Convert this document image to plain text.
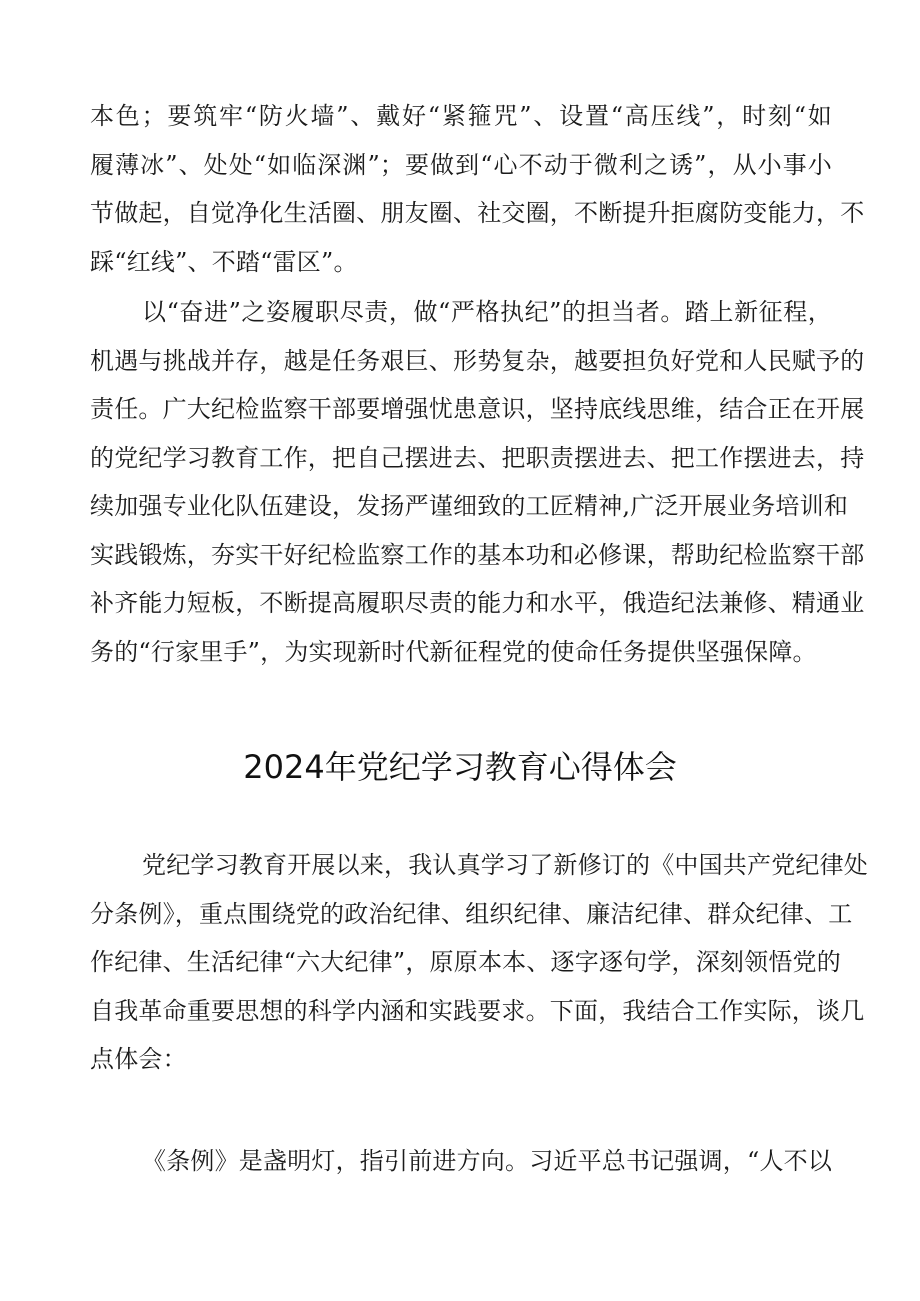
本色；要筑牢“防火墙”、戴好“紧箍咒”、设置“高压线”，时刻“如
履薄冰”、处处“如临深渊”；要做到“心不动于微利之诱”，从小事小
节做起，自觉净化生活圈、朋友圈、社交圈，不断提升拒腐防变能力，不
踩“红线”、不踏“雷区”。
以“奋进”之姿履职尽责，做“严格执纪”的担当者。踏上新征程，
机遇与挑战并存，越是任务艰巨、形势复杂，越要担负好党和人民赋予的
责任。广大纪检监察干部要增强忧患意识，坚持底线思维，结合正在开展
的党纪学习教育工作，把自己摆进去、把职责摆进去、把工作摆进去，持
续加强专业化队伍建设，发扬严谨细致的工匠精神,广泛开展业务培训和
实践锻炼，夯实干好纪检监察工作的基本功和必修课，帮助纪检监察干部
补齐能力短板，不断提高履职尽责的能力和水平，俄造纪法兼修、精通业
务的“行家里手”，为实现新时代新征程党的使命任务提供坚强保障。
2024年党纪学习教育心得体会
党纪学习教育开展以来，我认真学习了新修订的《中国共产党纪律处
分条例》，重点围绕党的政治纪律、组织纪律、廉洁纪律、群众纪律、工
作纪律、生活纪律“六大纪律”，原原本本、逐字逐句学，深刻领悟党的
自我革命重要思想的科学内涵和实践要求。下面，我结合工作实际，谈几
点体会：
《条例》是盏明灯，指引前进方向。习近平总书记强调，“人不以
